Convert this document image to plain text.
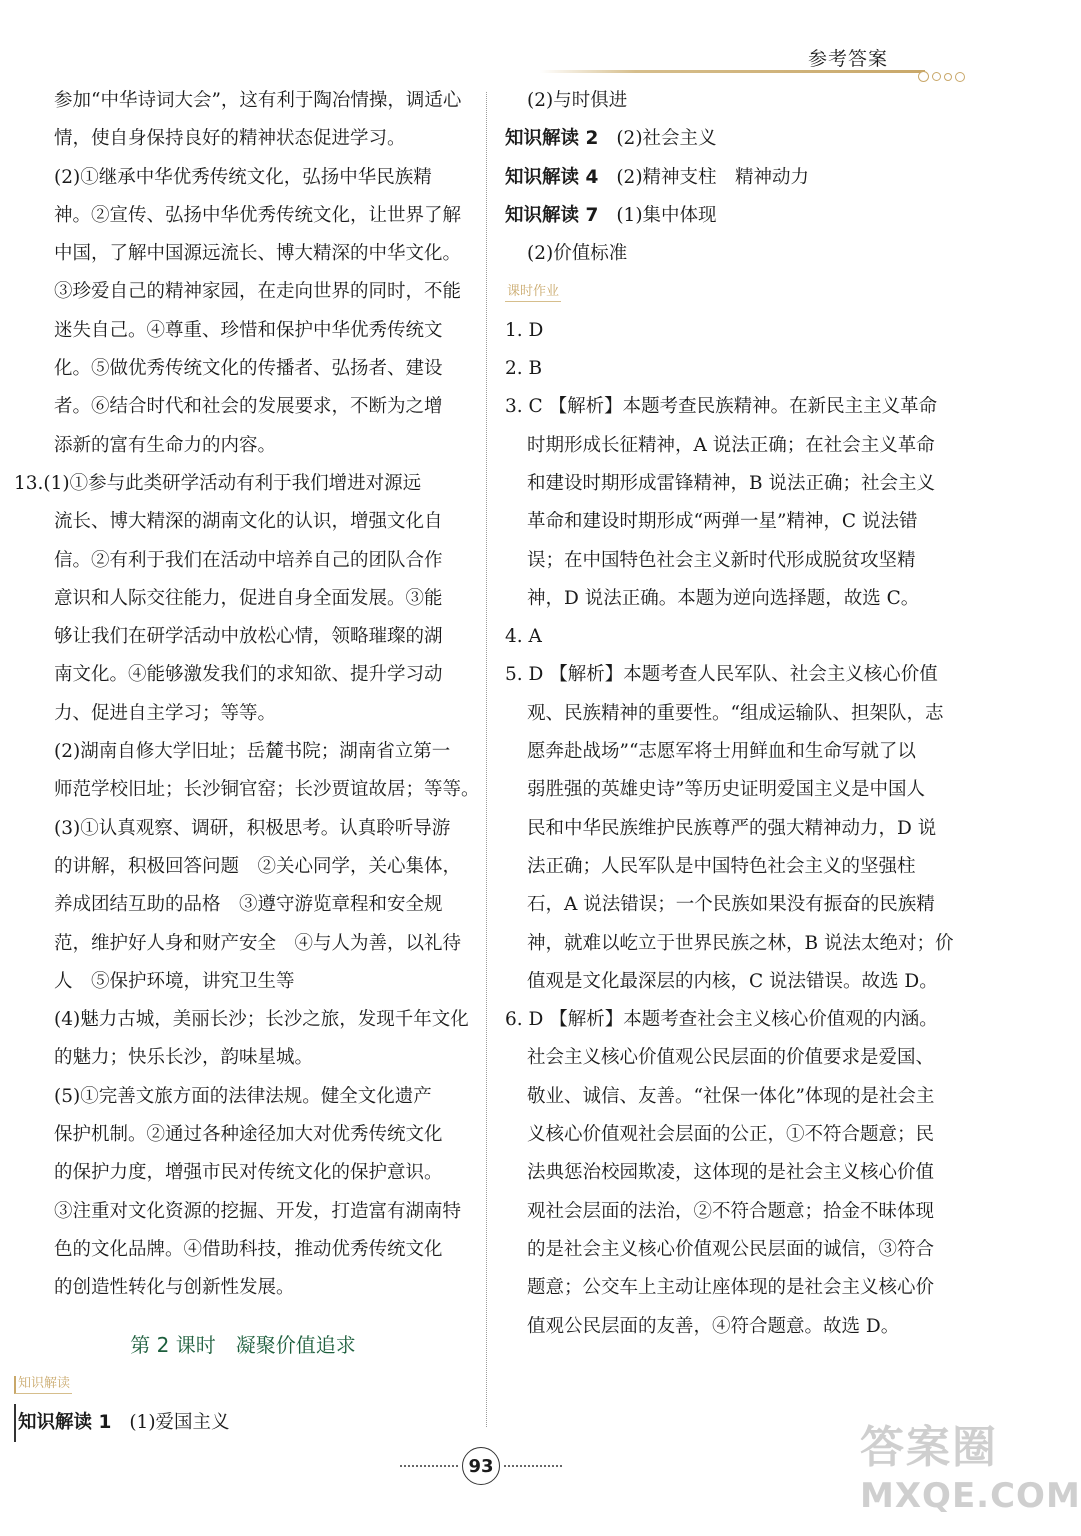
参考答案
参加“中华诗词大会”，这有利于陶冶情操，调适心
情，使自身保持良好的精神状态促进学习。
(2)①继承中华优秀传统文化，弘扬中华民族精
神。②宣传、弘扬中华优秀传统文化，让世界了解
中国，了解中国源远流长、博大精深的中华文化。
③珍爱自己的精神家园，在走向世界的同时，不能
迷失自己。④尊重、珍惜和保护中华优秀传统文
化。⑤做优秀传统文化的传播者、弘扬者、建设
者。⑥结合时代和社会的发展要求，不断为之增
添新的富有生命力的内容。
13.(1)①参与此类研学活动有利于我们增进对源远
流长、博大精深的湖南文化的认识，增强文化自
信。②有利于我们在活动中培养自己的团队合作
意识和人际交往能力，促进自身全面发展。③能
够让我们在研学活动中放松心情，领略璀璨的湖
南文化。④能够激发我们的求知欲、提升学习动
力、促进自主学习；等等。
(2)湖南自修大学旧址；岳麓书院；湖南省立第一
师范学校旧址；长沙铜官窑；长沙贾谊故居；等等。
(3)①认真观察、调研，积极思考。认真聆听导游
的讲解，积极回答问题　②关心同学，关心集体，
养成团结互助的品格　③遵守游览章程和安全规
范，维护好人身和财产安全　④与人为善，以礼待
人　⑤保护环境，讲究卫生等
(4)魅力古城，美丽长沙；长沙之旅，发现千年文化
的魅力；快乐长沙，韵味星城。
(5)①完善文旅方面的法律法规。健全文化遗产
保护机制。②通过各种途径加大对优秀传统文化
的保护力度，增强市民对传统文化的保护意识。
③注重对文化资源的挖掘、开发，打造富有湖南特
色的文化品牌。④借助科技，推动优秀传统文化
的创造性转化与创新性发展。
第 2 课时　凝聚价值追求
知识解读
知识解读 1 (1)爱国主义
(2)与时俱进
知识解读 2 (2)社会主义
知识解读 4 (2)精神支柱　精神动力
知识解读 7 (1)集中体现
(2)价值标准
课时作业
1. D
2. B
3. C 【解析】本题考查民族精神。在新民主主义革命
时期形成长征精神，A 说法正确；在社会主义革命
和建设时期形成雷锋精神，B 说法正确；社会主义
革命和建设时期形成“两弹一星”精神，C 说法错
误；在中国特色社会主义新时代形成脱贫攻坚精
神，D 说法正确。本题为逆向选择题，故选 C。
4. A
5. D 【解析】本题考查人民军队、社会主义核心价值
观、民族精神的重要性。“组成运输队、担架队，志
愿奔赴战场”“志愿军将士用鲜血和生命写就了以
弱胜强的英雄史诗”等历史证明爱国主义是中国人
民和中华民族维护民族尊严的强大精神动力，D 说
法正确；人民军队是中国特色社会主义的坚强柱
石，A 说法错误；一个民族如果没有振奋的民族精
神，就难以屹立于世界民族之林，B 说法太绝对；价
值观是文化最深层的内核，C 说法错误。故选 D。
6. D 【解析】本题考查社会主义核心价值观的内涵。
社会主义核心价值观公民层面的价值要求是爱国、
敬业、诚信、友善。“社保一体化”体现的是社会主
义核心价值观社会层面的公正，①不符合题意；民
法典惩治校园欺凌，这体现的是社会主义核心价值
观社会层面的法治，②不符合题意；拾金不昧体现
的是社会主义核心价值观公民层面的诚信，③符合
题意；公交车上主动让座体现的是社会主义核心价
值观公民层面的友善，④符合题意。故选 D。
93	答案圈
MXQE.COM
